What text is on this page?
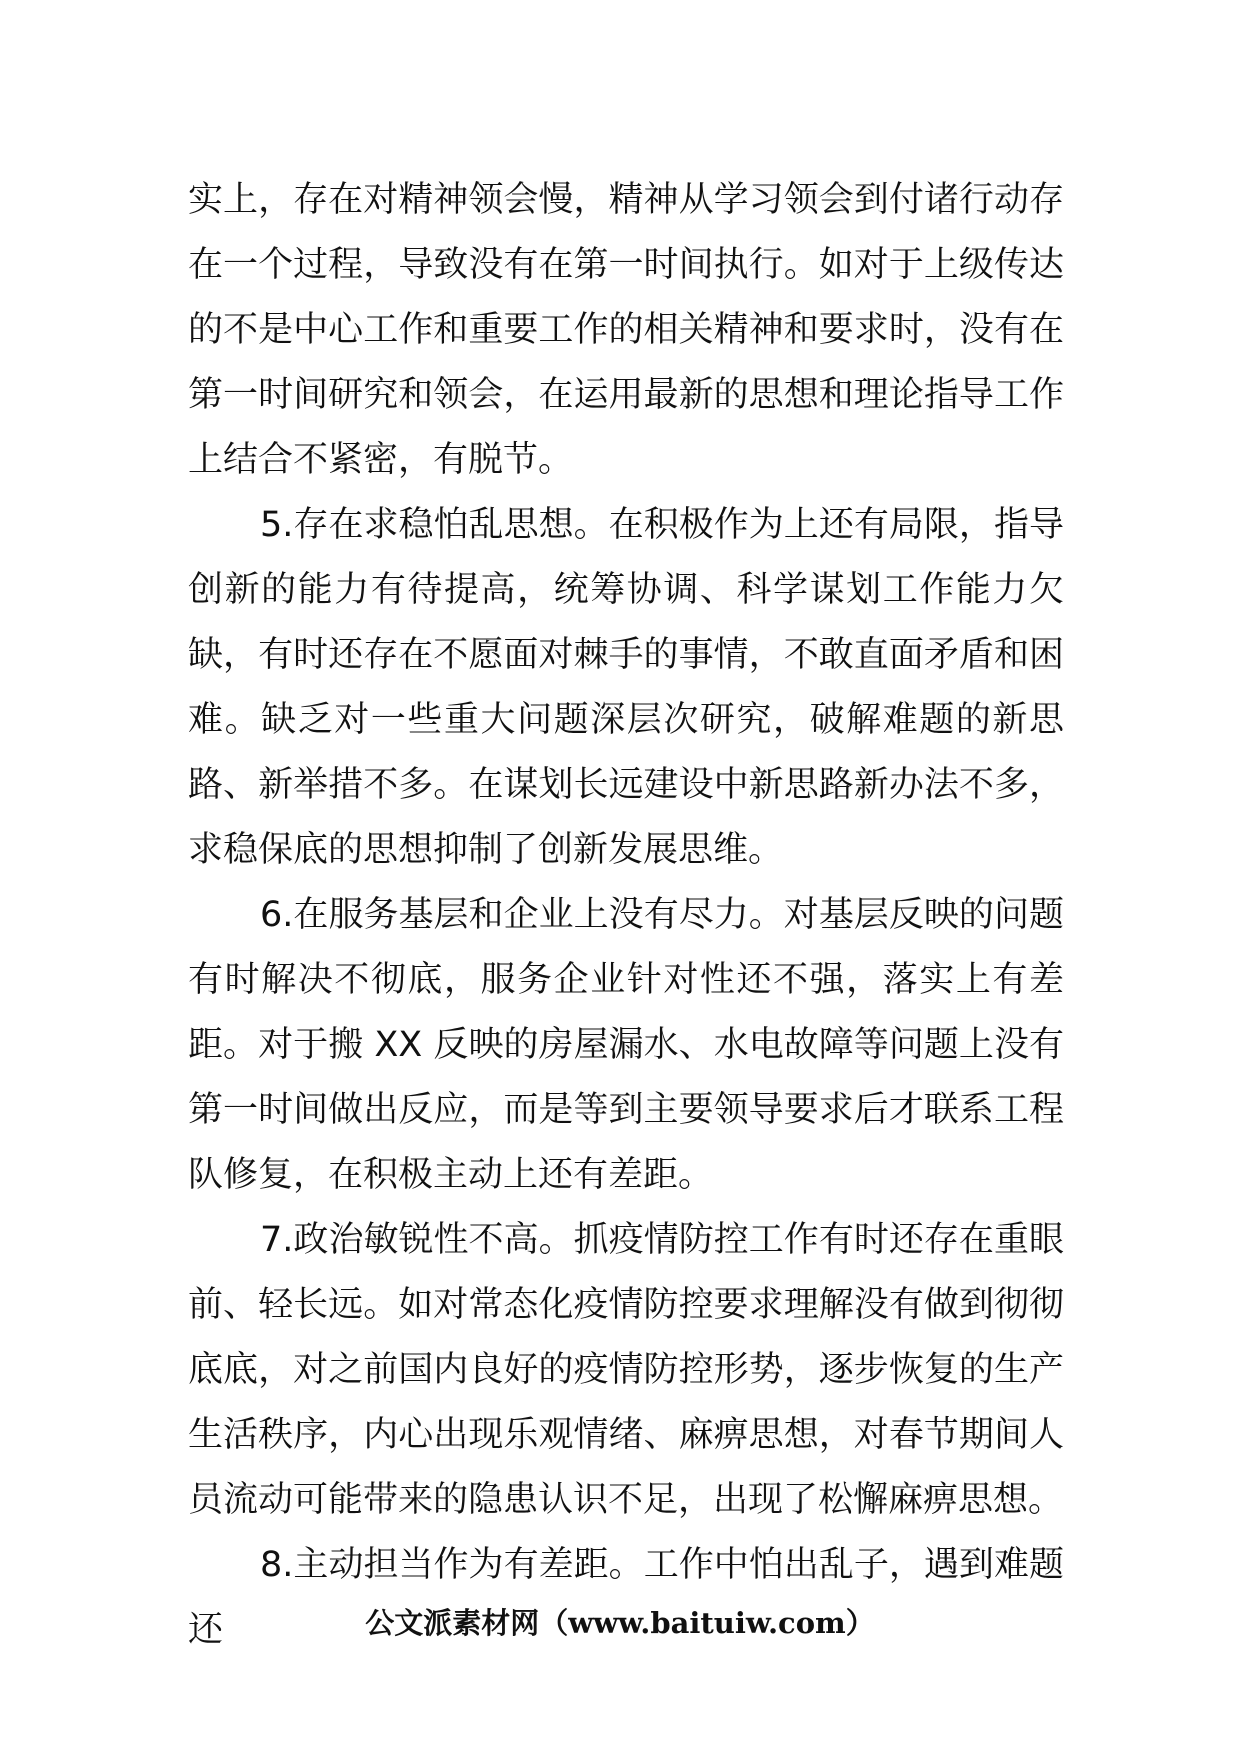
实上，存在对精神领会慢，精神从学习领会到付诸行动存在一个过程，导致没有在第一时间执行。如对于上级传达的不是中心工作和重要工作的相关精神和要求时，没有在第一时间研究和领会，在运用最新的思想和理论指导工作上结合不紧密，有脱节。

5.存在求稳怕乱思想。在积极作为上还有局限，指导创新的能力有待提高，统筹协调、科学谋划工作能力欠缺，有时还存在不愿面对棘手的事情，不敢直面矛盾和困难。缺乏对一些重大问题深层次研究，破解难题的新思路、新举措不多。在谋划长远建设中新思路新办法不多，求稳保底的思想抑制了创新发展思维。

6.在服务基层和企业上没有尽力。对基层反映的问题有时解决不彻底，服务企业针对性还不强，落实上有差距。对于搬 XX 反映的房屋漏水、水电故障等问题上没有第一时间做出反应，而是等到主要领导要求后才联系工程队修复，在积极主动上还有差距。

7.政治敏锐性不高。抓疫情防控工作有时还存在重眼前、轻长远。如对常态化疫情防控要求理解没有做到彻彻底底，对之前国内良好的疫情防控形势，逐步恢复的生产生活秩序，内心出现乐观情绪、麻痹思想，对春节期间人员流动可能带来的隐患认识不足，出现了松懈麻痹思想。

8.主动担当作为有差距。工作中怕出乱子，遇到难题还	公文派素材网（www.baituiw.com）
